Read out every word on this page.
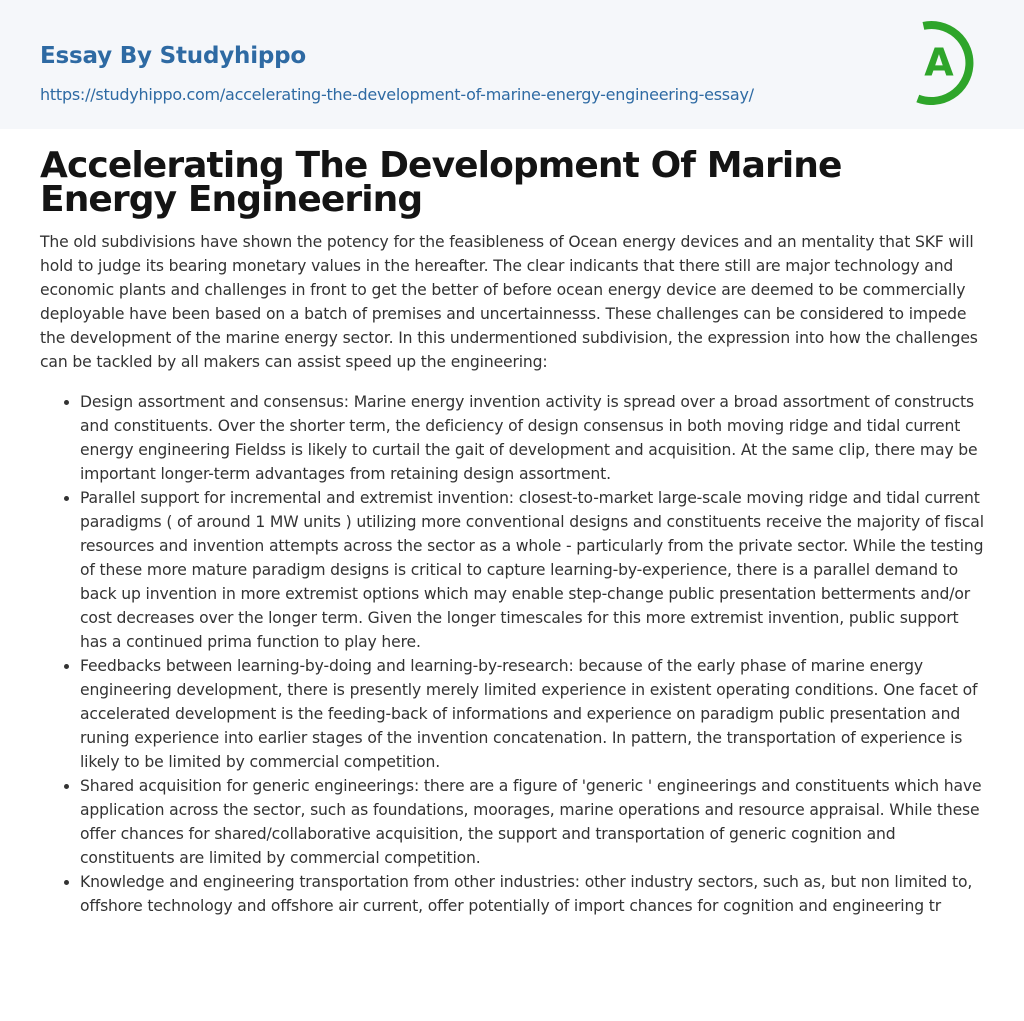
Essay By Studyhippo
https://studyhippo.com/accelerating-the-development-of-marine-energy-engineering-essay/
A
Accelerating The Development Of Marine Energy Engineering

The old subdivisions have shown the potency for the feasibleness of Ocean energy devices and an mentality that SKF will hold to judge its bearing monetary values in the hereafter. The clear indicants that there still are major technology and economic plants and challenges in front to get the better of before ocean energy device are deemed to be commercially deployable have been based on a batch of premises and uncertainnesss. These challenges can be considered to impede the development of the marine energy sector. In this undermentioned subdivision, the expression into how the challenges can be tackled by all makers can assist speed up the engineering:

• Design assortment and consensus: Marine energy invention activity is spread over a broad assortment of constructs and constituents. Over the shorter term, the deficiency of design consensus in both moving ridge and tidal current energy engineering Fieldss is likely to curtail the gait of development and acquisition. At the same clip, there may be important longer-term advantages from retaining design assortment.
• Parallel support for incremental and extremist invention: closest-to-market large-scale moving ridge and tidal current paradigms ( of around 1 MW units ) utilizing more conventional designs and constituents receive the majority of fiscal resources and invention attempts across the sector as a whole - particularly from the private sector. While the testing of these more mature paradigm designs is critical to capture learning-by-experience, there is a parallel demand to back up invention in more extremist options which may enable step-change public presentation betterments and/or cost decreases over the longer term. Given the longer timescales for this more extremist invention, public support has a continued prima function to play here.
• Feedbacks between learning-by-doing and learning-by-research: because of the early phase of marine energy engineering development, there is presently merely limited experience in existent operating conditions. One facet of accelerated development is the feeding-back of informations and experience on paradigm public presentation and runing experience into earlier stages of the invention concatenation. In pattern, the transportation of experience is likely to be limited by commercial competition.
• Shared acquisition for generic engineerings: there are a figure of 'generic ' engineerings and constituents which have application across the sector, such as foundations, moorages, marine operations and resource appraisal. While these offer chances for shared/collaborative acquisition, the support and transportation of generic cognition and constituents are limited by commercial competition.
• Knowledge and engineering transportation from other industries: other industry sectors, such as, but non limited to, offshore technology and offshore air current, offer potentially of import chances for cognition and engineering tr
